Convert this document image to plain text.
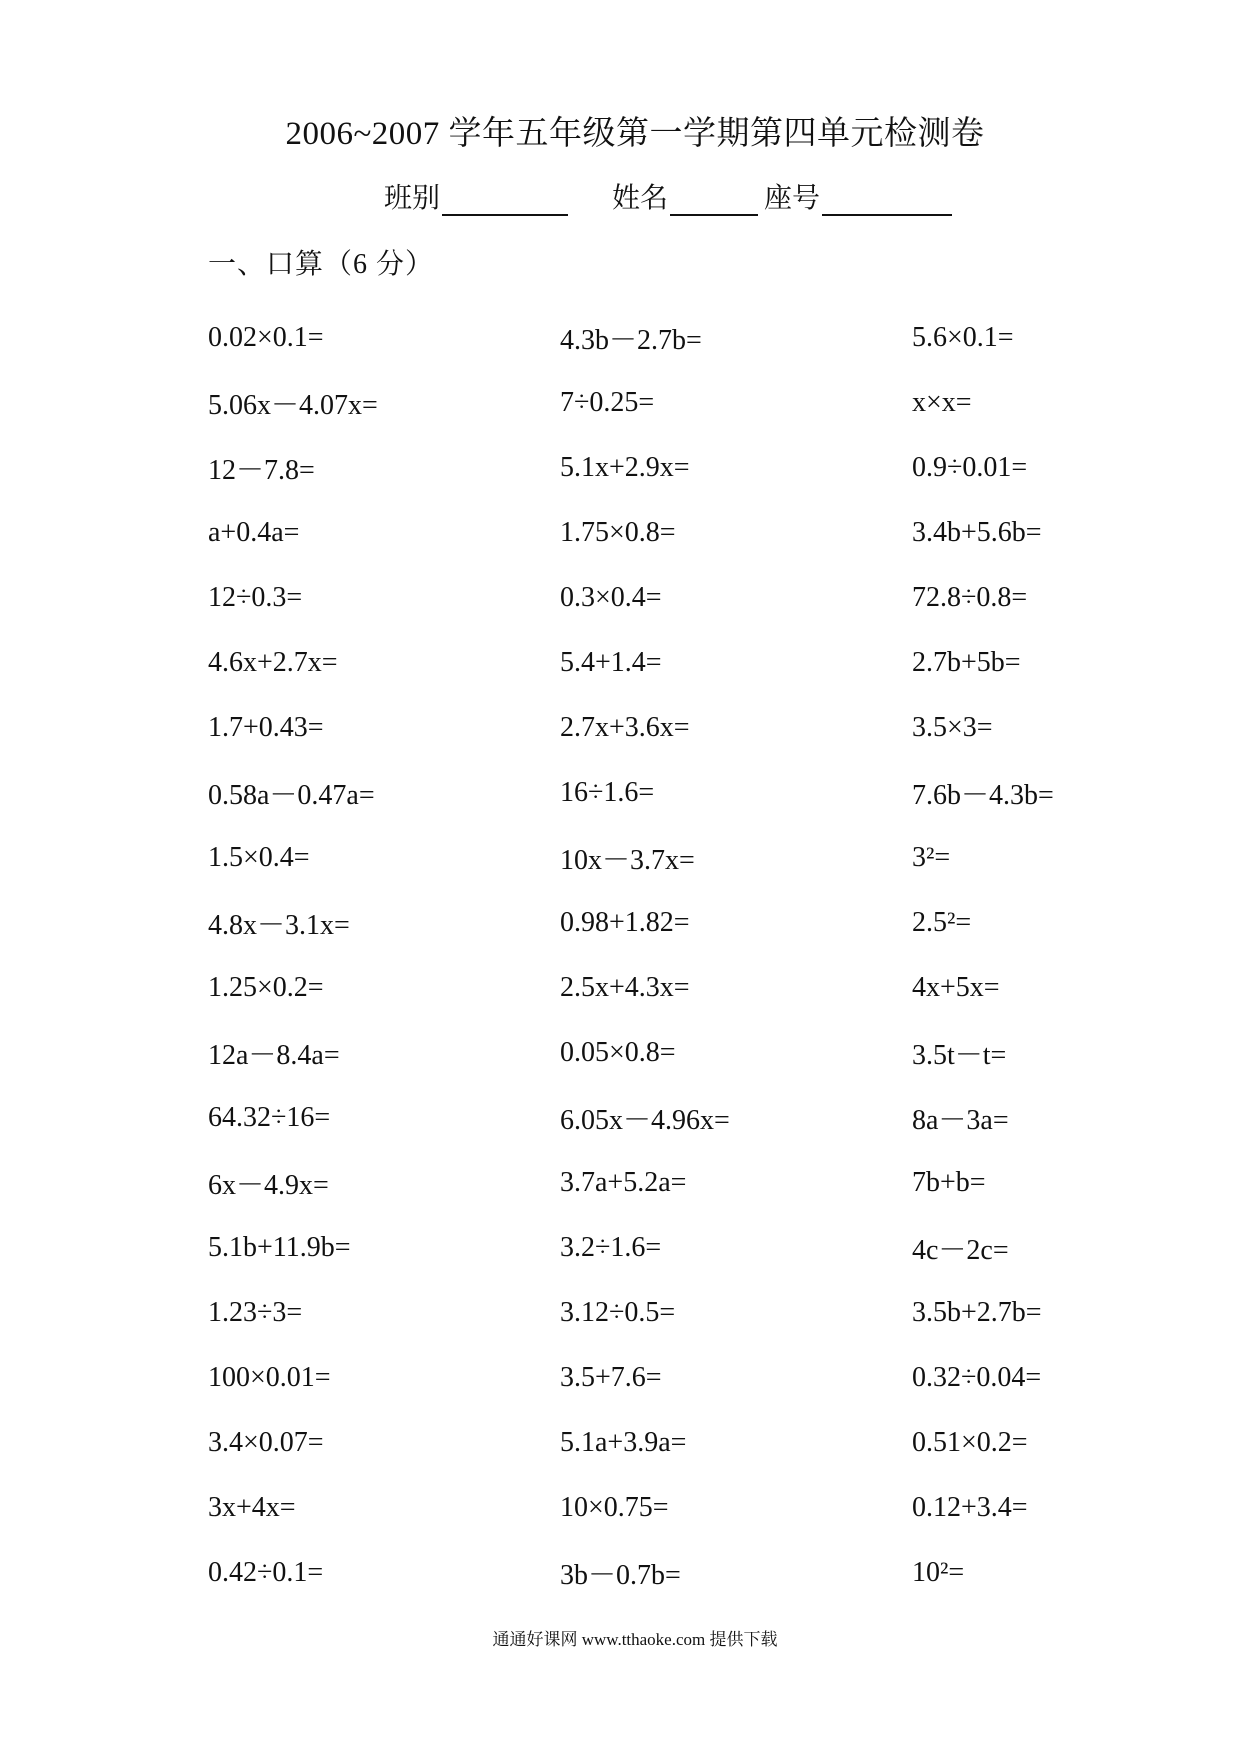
2006~2007 学年五年级第一学期第四单元检测卷
班别	姓名	座号
一、口算（6 分）
0.02×0.1=	4.3b－2.7b=	5.6×0.1=
5.06x－4.07x=	7÷0.25=	x×x=
12－7.8=	5.1x+2.9x=	0.9÷0.01=
a+0.4a=	1.75×0.8=	3.4b+5.6b=
12÷0.3=	0.3×0.4=	72.8÷0.8=
4.6x+2.7x=	5.4+1.4=	2.7b+5b=
1.7+0.43=	2.7x+3.6x=	3.5×3=
0.58a－0.47a=	16÷1.6=	7.6b－4.3b=
1.5×0.4=	10x－3.7x=	3²=
4.8x－3.1x=	0.98+1.82=	2.5²=
1.25×0.2=	2.5x+4.3x=	4x+5x=
12a－8.4a=	0.05×0.8=	3.5t－t=
64.32÷16=	6.05x－4.96x=	8a－3a=
6x－4.9x=	3.7a+5.2a=	7b+b=
5.1b+11.9b=	3.2÷1.6=	4c－2c=
1.23÷3=	3.12÷0.5=	3.5b+2.7b=
100×0.01=	3.5+7.6=	0.32÷0.04=
3.4×0.07=	5.1a+3.9a=	0.51×0.2=
3x+4x=	10×0.75=	0.12+3.4=
0.42÷0.1=	3b－0.7b=	10²=
通通好课网 www.tthaoke.com 提供下载
